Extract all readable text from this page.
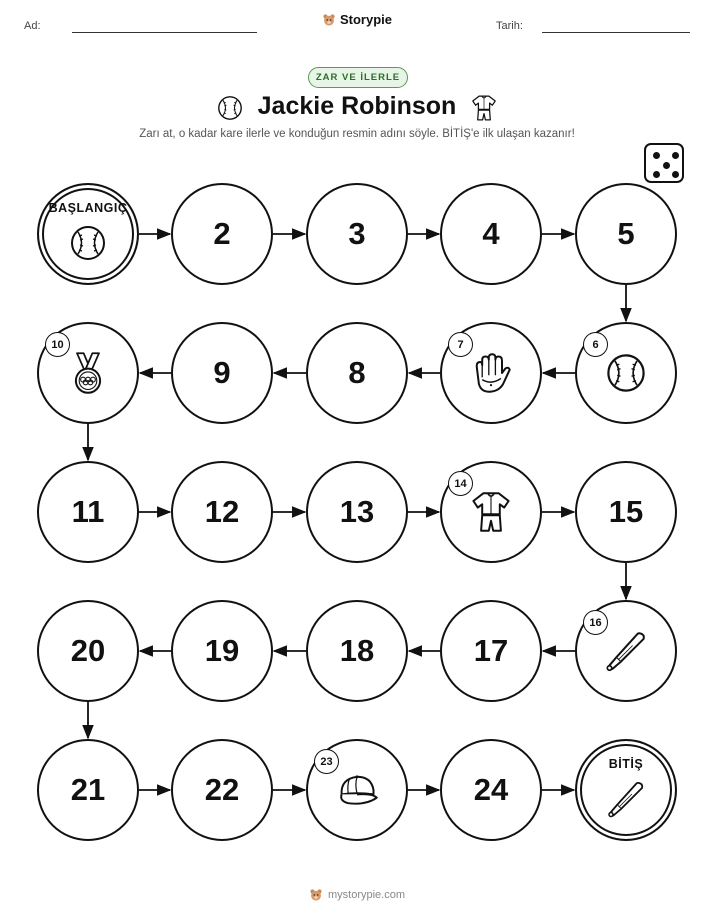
Ad:	Storypie	Tarih:
ZAR VE İLERLE
Jackie Robinson
Zarı at, o kadar kare ilerle ve konduğun resmin adını söyle. BİTİŞ'e ilk ulaşan kazanır!
BAŞLANGIÇ
2	3	4	5
6
7
8
9
10
11	12	13
14
15
16
17
18
19
20
21	22
23
24
BİTİŞ
mystorypie.com
